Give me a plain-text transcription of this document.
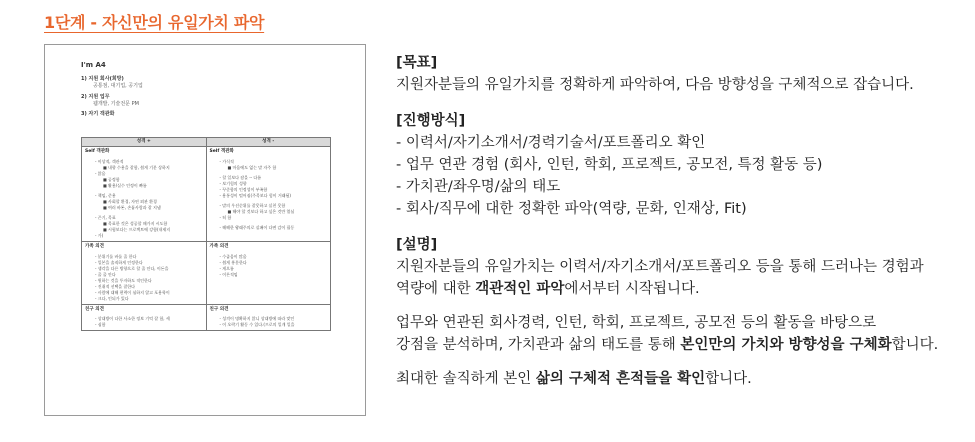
1단계 - 자신만의 유일가치 파악
I'm A4
1) 지원 회사(희망)
공통점, 대기업, 공기업
2) 지원 업무
웹개발, 기술전문 PM
3) 자기 객관화
성격 +	성격 -
Self 객관화
- 이상적, 객관적
■ 내향 수용을 잘함, 쉽게 기분 상하지
- 않음
■ 공정함
■ 활용/실수 인정이 빠름
- 책임, 준용
■ 사회할 환경, 자연 외관 환경
■ 여러 바톤, 손톱사람과 잘 지냄
- 끈기, 목표
■ 목표한 것은 성공할 때가지 시도함
■ 시험보다는 프로젝트에 강함(내제지
- 가)
Self 객관화
- 가식적
■ 마음에도 없는 말 자주 함
- 할 일보다 잠을 -- 다름
- 보기힘의 성향
- 꾸준함의 인정성이 부족함
- 용통성이 떨어짐(주목보다 힘이 거래됨)
- 말의 우선순위를 잘못하고 실천 못함
■ 해야 할 것보다 하고 싶은 것만 열심
- 히 함
- 해해한 왕래주의로 실패이 다면 감이 필동
가족 의견
- 분위기를 바를 줄 한다
- 일본을 솔직하게 인정한다
- 생각을 다른 방향으로 할 줄 안다, 이든을
- 줄 줄 안다
- 원하는 것을 투자하도 적인한다
- 진취적 선택을 잘한다
- 사람에 대해 편력이 심하지 않고 포용학이
- 크다, 인되가 있다
가족 의견
- 수줍음이 많음
- 쉽게 흥분한다
- 게으름
- 이론적임
친구 의견
- 상대방이 다한 사소한 정보 기억 잘 함, 세
- 심함
친구 의견
- 성격이 명확하지 않니 상대방에 따라 맞인
- 이 오락기 활동 수 있다.(프로의 일개 일을
[목표]
지원자분들의 유일가치를 정확하게 파악하여, 다음 방향성을 구체적으로 잡습니다.
[진행방식]
- 이력서/자기소개서/경력기술서/포트폴리오 확인
- 업무 연관 경험 (회사, 인턴, 학회, 프로젝트, 공모전, 특정 활동 등)
- 가치관/좌우명/삶의 태도
- 회사/직무에 대한 정확한 파악(역량, 문화, 인재상, Fit)
[설명]
지원자분들의 유일가치는 이력서/자기소개서/포트폴리오 등을 통해 드러나는 경험과
역량에 대한 객관적인 파악에서부터 시작됩니다.
업무와 연관된 회사경력, 인턴, 학회, 프로젝트, 공모전 등의 활동을 바탕으로
강점을 분석하며, 가치관과 삶의 태도를 통해 본인만의 가치와 방향성을 구체화합니다.
최대한 솔직하게 본인 삶의 구체적 흔적들을 확인합니다.
